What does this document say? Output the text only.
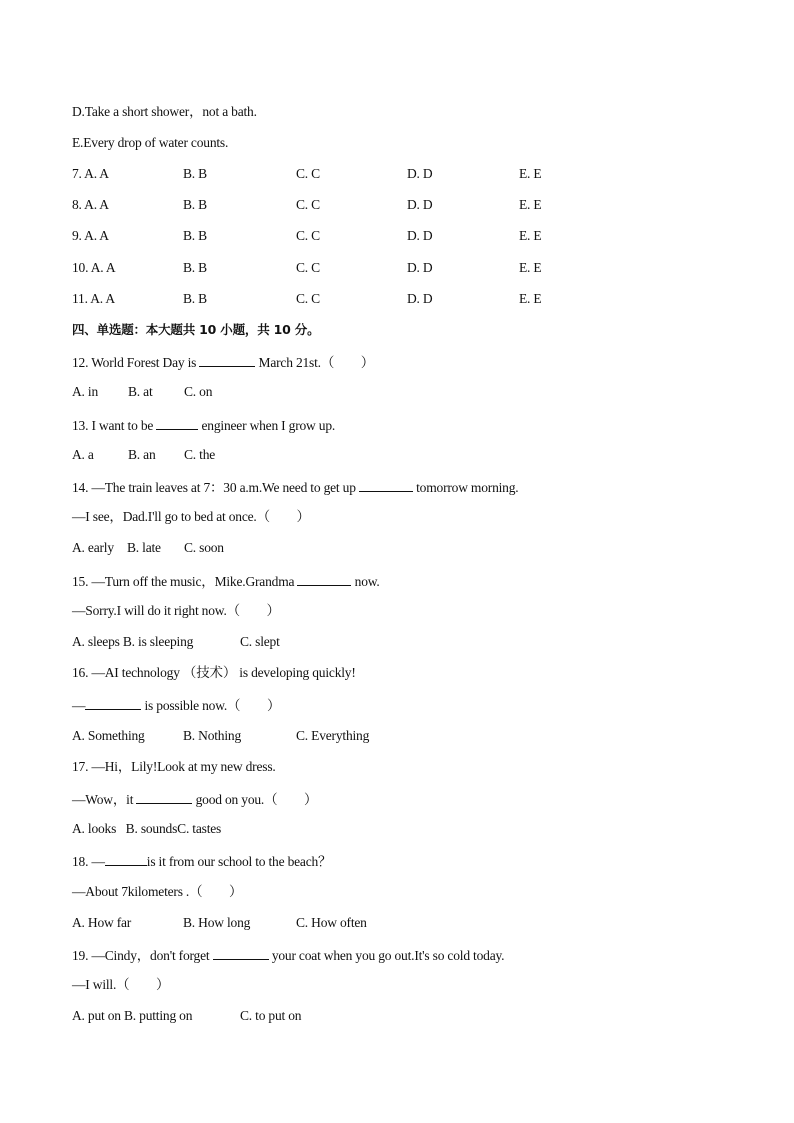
D.Take a short shower，not a bath.
E.Every drop of water counts.
7. A. A	B. B	C. C	D. D	E. E
8. A. A	B. B	C. C	D. D	E. E
9. A. A	B. B	C. C	D. D	E. E
10. A. A	B. B	C. C	D. D	E. E
11. A. A	B. B	C. C	D. D	E. E
四、单选题：本大题共 10 小题，共 10 分。
12. World Forest Day is	March 21st.（　　）
A. in B. at C. on
13. I want to be	engineer when I grow up.
A. a	B. an C. the
14. —The train leaves at 7：30 a.m.We need to get up	tomorrow morning.
—I see，Dad.I'll go to bed at once.（　　）
A. early B. late C. soon
15. —Turn off the music，Mike.Grandma	now.
—Sorry.I will do it right now.（　　）
A. sleeps B. is sleeping	C. slept
16. —AI technology （技术） is developing quickly!
—	is possible now.（　　）
A. Something	B. Nothing	C. Everything
17. —Hi，Lily!Look at my new dress.
—Wow，it	good on you.（　　）
A. looks   B. soundsC. tastes
18. —	is it from our school to the beach？
—About 7kilometers .（　　）
A. How far	B. How long	C. How often
19. —Cindy，don't forget	your coat when you go out.It's so cold today.
—I will.（　　）
A. put on B. putting on	C. to put on
